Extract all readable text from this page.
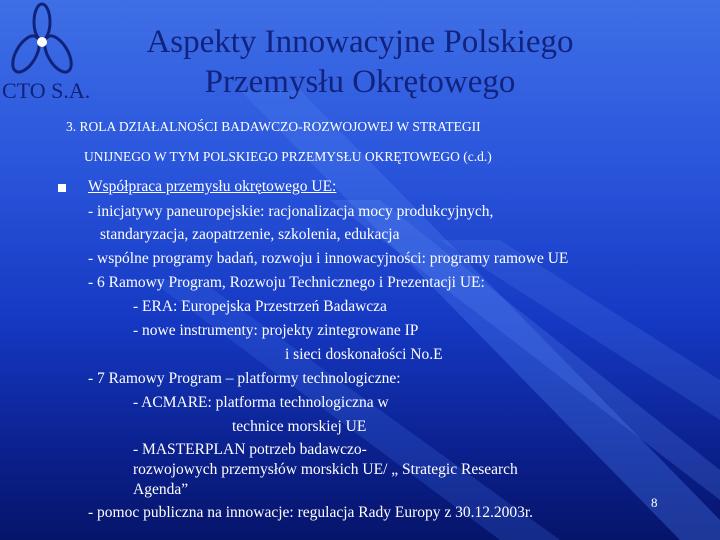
CTO S.A.
Aspekty Innowacyjne Polskiego
Przemysłu Okrętowego
3. ROLA DZIAŁALNOŚCI BADAWCZO-ROZWOJOWEJ W STRATEGII
UNIJNEGO W TYM POLSKIEGO PRZEMYSŁU OKRĘTOWEGO (c.d.)
Współpraca przemysłu okrętowego UE:
- inicjatywy paneuropejskie: racjonalizacja mocy produkcyjnych,
standaryzacja, zaopatrzenie, szkolenia, edukacja
- wspólne programy badań, rozwoju i innowacyjności: programy ramowe UE
- 6 Ramowy Program, Rozwoju Technicznego i Prezentacji UE:
- ERA: Europejska Przestrzeń Badawcza
- nowe instrumenty: projekty zintegrowane IP
i sieci doskonałości No.E
- 7 Ramowy Program – platformy technologiczne:
- ACMARE: platforma technologiczna w
technice morskiej UE
- MASTERPLAN potrzeb badawczo-
rozwojowych przemysłów morskich UE/ „ Strategic Research
Agenda”
- pomoc publiczna na innowacje: regulacja Rady Europy z 30.12.2003r.
8
